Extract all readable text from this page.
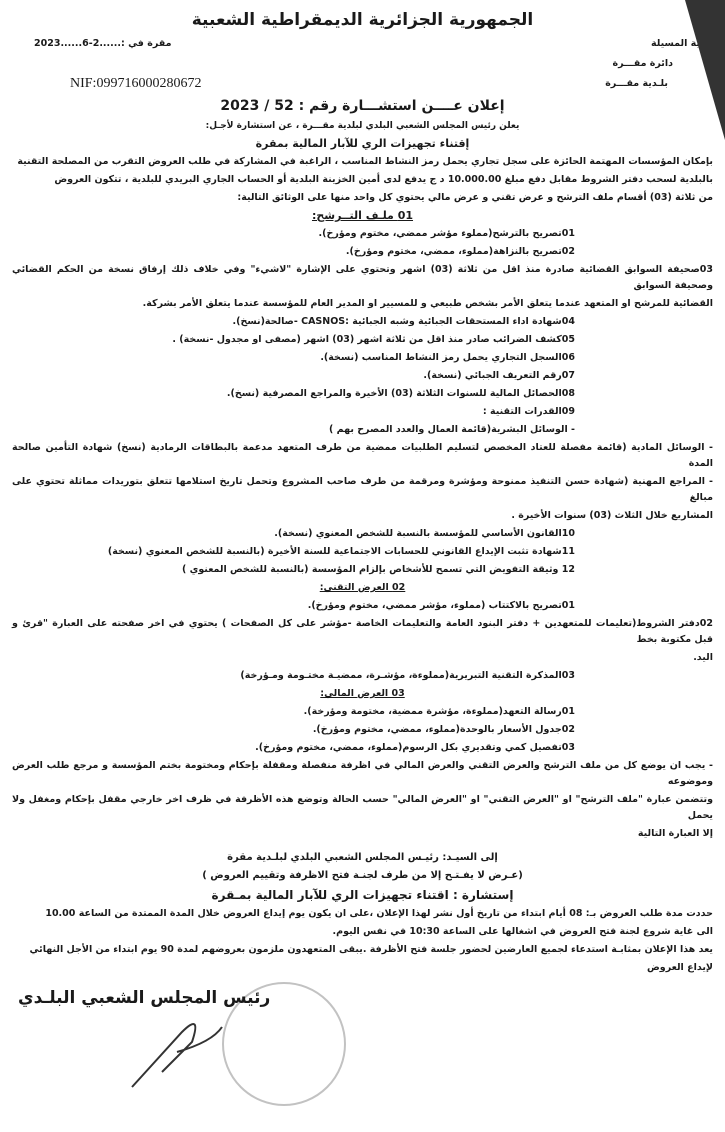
الجمهورية الجزائرية الديمقراطية الشعبية
ولاية المسيلة
مقرة في :......2-6......2023
دائرة مقـــرة
بلـدية مقـــرة
NIF:099716000280672
إعلان عــــن استشـــارة رقم : 52 / 2023
يعلن رئيس المجلس الشعبي البلدي لبلدية مقـــرة ، عن استشارة لأجـل:
إقتناء تجهيزات الري للآبار المالية بمقرة
بإمكان المؤسسات المهتمة الحائزة على سجل تجاري يحمل رمز النشاط المناسب ، الراغبة في المشاركة في طلب العروض التقرب من المصلحة التقنية
بالبلدية لسحب دفتر الشروط مقابل دفع مبلغ 10.000.00 د ج يدفع لدى أمين الخزينة البلدية أو الحساب الجاري البريدي للبلدية ، تتكون العروض
من ثلاثة (03) أقسام ملف الترشح و عرض تقني و عرض مالي يحتوي كل واحد منها على الوثائق التالية:
01 ملـف التــرشح:
01تصريح بالترشح(مملوء مؤشر ممضي، مختوم ومؤرخ).
02تصريح بالنزاهة(مملوء، ممضي، مختوم ومؤرخ).
03صحيفة السوابق القضائية صادرة منذ اقل من ثلاثة (03) اشهر وتحتوي على الإشارة "لاشيء" وفي خلاف ذلك إرفاق نسخة من الحكم القضائي وصحيفة السوابق
القضائية للمرشح او المتعهد عندما يتعلق الأمر بشخص طبيعي و للمسيير او المدير العام للمؤسسة عندما يتعلق الأمر بشركة.
04شهادة اداء المستحقات الجبائية وشبه الجبائية :CASNOS -صالحة(نسخ).
05كشف الضرائب صادر منذ اقل من ثلاثة اشهر (03) اشهر (مصفى او مجدول -نسخة) .
06السجل التجاري يحمل رمز النشاط المناسب (نسخة).
07رقم التعريف الجبائي (نسخة).
08الحصائل المالية للسنوات الثلاثة (03) الأخيرة والمراجع المصرفية (نسخ).
09القدرات التقنية :
- الوسائل البشرية(قائمة العمال والعدد المصرح بهم )
- الوسائل المادية (قائمة مفصلة للعتاد المخصص لتسليم الطلبيات ممضية من طرف المتعهد مدعمة بالبطاقات الرمادية (نسخ) شهادة التأمين صالحة المدة
- المراجع المهنية (شهادة حسن التنفيذ ممنوحة ومؤشرة ومرقمة من طرف صاحب المشروع وتحمل تاريخ استلامها تتعلق بتوريدات مماثلة تحتوي على مبالغ
المشاريع خلال الثلاث (03) سنوات الأخيرة .
10القانون الأساسي للمؤسسة بالنسبة للشخص المعنوي (نسخة).
11شهادة تثبت الإيداع القانوني للحسابات الاجتماعية للسنة الأخيرة (بالنسبة للشخص المعنوي (نسخة)
12 وثيقة التفويض التي تسمح للأشخاص بإلزام المؤسسة (بالنسبة للشخص المعنوي )
02 العرض التقني:
01تصريح بالاكتتاب (مملوء، مؤشر ممضي، مختوم ومؤرخ).
02دفتر الشروط(تعليمات للمتعهدين + دفتر البنود العامة والتعليمات الخاصة -مؤشر على كل الصفحات ) يحتوي في اخر صفحته على العبارة "قرئ و قبل مكتوبة بخط
اليد.
03المذكرة التقنية التبريرية(مملوءة، مؤشـرة، ممضيـة مختـومة ومـؤرخة)
03 العرض المالي:
01رسالة التعهد(مملوءة، مؤشرة ممضية، مختومة ومؤرخة).
02جدول الأسعار بالوحدة(مملوء، ممضي، مختوم ومؤرخ).
03تفصيل كمي وتقديري بكل الرسوم(مملوء، ممضي، مختوم ومؤرخ).
- يجب ان يوضع كل من ملف الترشح والعرض التقني والعرض المالي في اظرفة منفصلة ومقفلة بإحكام ومختومة بختم المؤسسة و مرجع طلب العرض وموضوعه
وتتضمن عبارة "ملف الترشح" او "العرض التقني" او "العرض المالي" حسب الحالة وتوضع هذه الأظرفة في ظرف اخر خارجي مقفل بإحكام ومغفل ولا يحمل
إلا العبارة التالية
إلى السيـد: رئيـس المجلس الشعبي البلدي لبلـدية مقرة
(عـرض لا يفـتـح إلا من طرف لجنـة فتح الاظرفة وتقييم العروض )
إستشارة : اقتناء تجهيزات الري للآبار المالية بمـقرة
حددت مدة طلب العروض بـ: 08 أيام ابتداء من تاريخ أول نشر لهذا الإعلان ،على ان يكون يوم إيداع العروض خلال المدة الممتدة من الساعة 10.00
الى غاية شروع لجنة فتح العروض في اشغالها على الساعة 10:30 في نفس اليوم.
يعد هذا الإعلان بمثابـة استدعاء لجميع العارضين لحضور جلسة فتح الأظرفة .يبقى المتعهدون ملزمون بعروضهم لمدة 90 يوم ابتداء من الأجل النهائي
لإيداع العروض
رئيس المجلس الشعبي البلـدي
